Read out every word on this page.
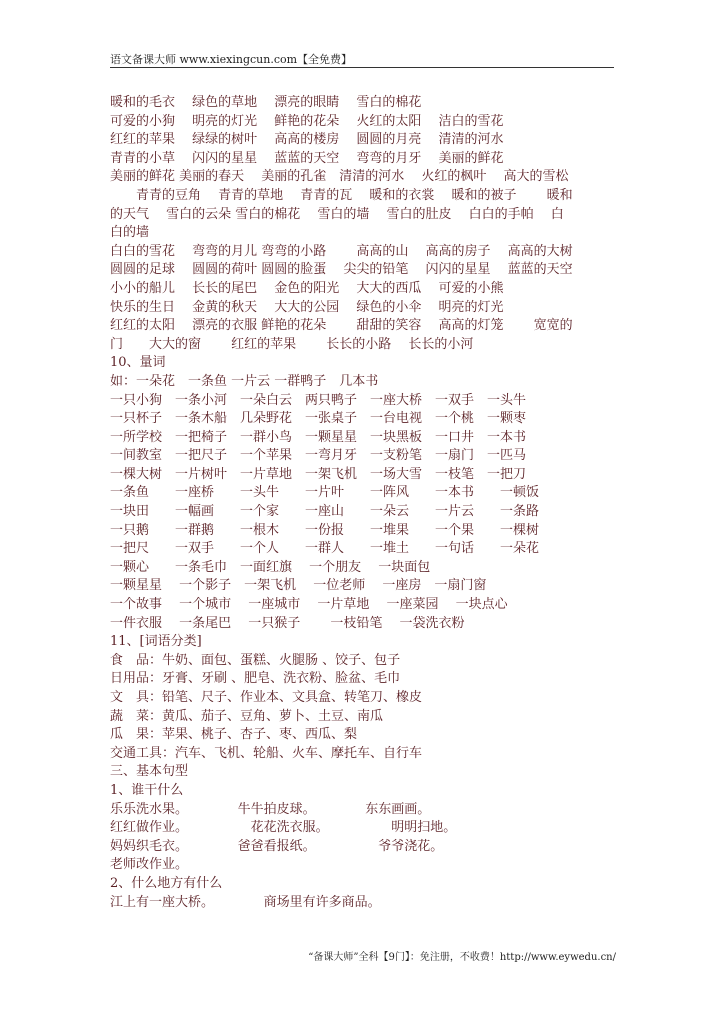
语文备课大师 www.xiexingcun.com【全免费】
暖和的毛衣　 绿色的草地　 漂亮的眼睛　 雪白的棉花
可爱的小狗　 明亮的灯光　 鲜艳的花朵　 火红的太阳　 洁白的雪花
红红的苹果　 绿绿的树叶　 高高的楼房　 圆圆的月亮　 清清的河水
青青的小草　 闪闪的星星　 蓝蓝的天空　 弯弯的月牙　 美丽的鲜花
美丽的鲜花 美丽的春天　 美丽的孔雀　清清的河水　 火红的枫叶　 高大的雪松
　　青青的豆角　 青青的草地　 青青的瓦　 暖和的衣裳　 暖和的被子　　 暖和
的天气　 雪白的云朵 雪白的棉花　 雪白的墙　 雪白的肚皮　 白白的手帕　 白
白的墙
白白的雪花　 弯弯的月儿 弯弯的小路　　 高高的山　 高高的房子　 高高的大树
圆圆的足球　 圆圆的荷叶 圆圆的脸蛋　 尖尖的铅笔　 闪闪的星星　 蓝蓝的天空
小小的船儿　 长长的尾巴　 金色的阳光　 大大的西瓜　 可爱的小熊
快乐的生日　 金黄的秋天　 大大的公园　 绿色的小伞　 明亮的灯光
红红的太阳　 漂亮的衣服 鲜艳的花朵　　 甜甜的笑容　 高高的灯笼　　 宽宽的
门　　大大的窗　　 红红的苹果　　 长长的小路　 长长的小河
10、量词
如：一朵花　一条鱼 一片云 一群鸭子　几本书
一只小狗　一条小河　一朵白云　两只鸭子　一座大桥　一双手　一头牛
一只杯子　一条木船　几朵野花　一张桌子　一台电视　一个桃　一颗枣
一所学校　一把椅子　一群小鸟　一颗星星　一块黑板　一口井　一本书
一间教室　一把尺子　一个苹果　一弯月牙　一支粉笔　一扇门　一匹马
一棵大树　一片树叶　一片草地　一架飞机　一场大雪　一枝笔　一把刀
一条鱼　　一座桥　　一头牛　　一片叶　　一阵风　　一本书　　一顿饭
一块田　　一幅画　　一个家　　一座山　　一朵云　　一片云　　一条路
一只鹅　　一群鹅　　一根木　　一份报　　一堆果　　一个果　　一棵树
一把尺　　一双手　　一个人　　一群人　　一堆土　　一句话　　一朵花
一颗心　　一条毛巾　一面红旗　 一个朋友　 一块面包
一颗星星　 一个影子　一架飞机　 一位老师　 一座房　一扇门窗
一个故事　 一个城市　 一座城市　 一片草地　 一座菜园　 一块点心
一件衣服　 一条尾巴　 一只猴子　　 一枝铅笔　 一袋洗衣粉
11、[词语分类]
食　品：牛奶、面包、蛋糕、火腿肠 、饺子、包子
日用品：牙膏、牙刷 、肥皂、洗衣粉、脸盆、毛巾
文　具：铅笔、尺子、作业本、文具盒、转笔刀、橡皮
蔬　菜：黄瓜、茄子、豆角、萝卜、土豆、南瓜
瓜　果：苹果、桃子、杏子、枣、西瓜、梨
交通工具：汽车、飞机、轮船、火车、摩托车、自行车
三、基本句型
1、谁干什么
乐乐洗水果。　　　　 牛牛拍皮球。　　　　 东东画画。
红红做作业。　　　　　 花花洗衣服。　　　　　 明明扫地。
妈妈织毛衣。　　　　 爸爸看报纸。　　　　　 爷爷浇花。
老师改作业。
2、什么地方有什么
江上有一座大桥。　　　　 商场里有许多商品。
“备课大师”全科【9门】：免注册，不收费！http://www.eywedu.cn/
